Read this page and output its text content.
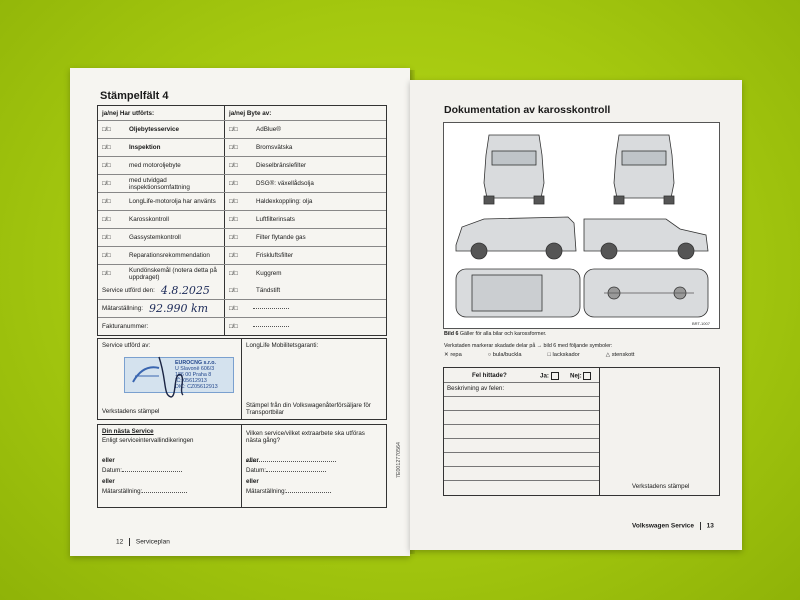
Stämpelfält 4
ja/nej Har utförts:	ja/nej Byte av:
□/□	Oljebytesservice	□/□	AdBlue®
□/□	Inspektion	□/□	Bromsvätska
□/□	med motoroljebyte	□/□	Dieselbränslefilter
□/□	med utvidgad inspektionsomfattning	□/□	DSG®: växellådsolja
□/□	LongLife-motorolja har använts	□/□	Haldexkoppling: olja
□/□	Karosskontroll	□/□	Luftfilterinsats
□/□	Gassystemkontroll	□/□	Filter flytande gas
□/□	Reparationsrekommendation	□/□	Friskluftsfilter
□/□	Kundönskemål (notera detta på uppdraget)	□/□	Kuggrem
Service utförd den: 4.8.2025	□/□	Tändstift
Mätarställning: 92.990 km	□/□
Fakturanummer:	□/□
Service utförd av:
EUROCNG s.r.o.
U Slavoně 606/3
186 00 Praha 8
IČ: 05612913
DIČ: CZ05612913
Verkstadens stämpel
LongLife Mobilitetsgaranti:
Stämpel från din Volkswagenåterförsäljare för Transportbilar
Din nästa Service
Enligt serviceintervallindikeringen
eller
Datum:
eller
Mätarställning:
Vilken service/vilket extraarbete ska utföras nästa gång?
eller
Datum:
eller
Mätarställning:
7E0012770564
12 Serviceplan
Dokumentation av karosskontroll
BRT-1007
Bild 6 Gäller för alla bilar och karossformer.
Verkstaden markerar skadade delar på → bild 6 med följande symboler:
✕ repa	○ bula/buckla	□ lackskador	△ stenskott
Fel hittade?	Ja:	Nej:
Beskrivning av felen:
Verkstadens stämpel
Volkswagen Service 13
